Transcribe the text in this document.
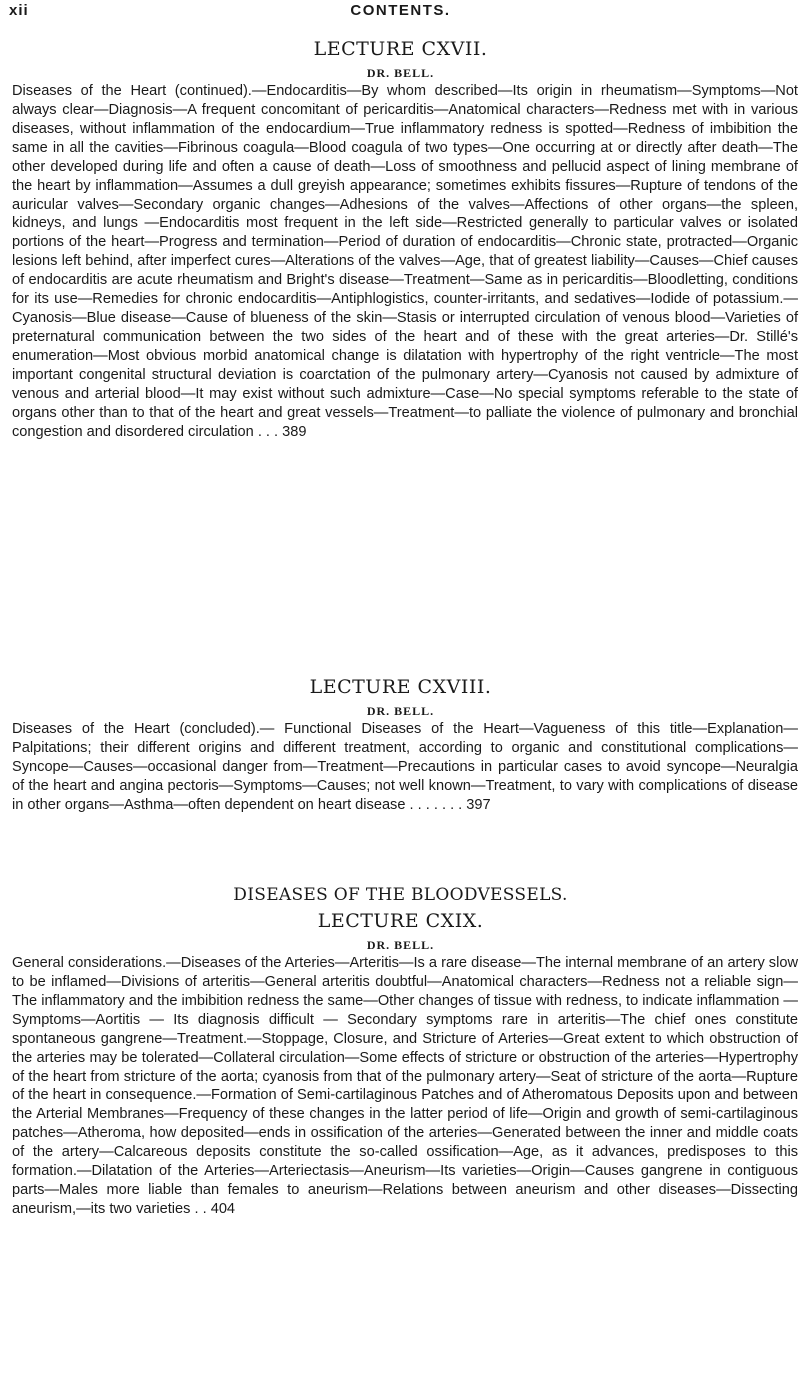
xii	CONTENTS.
LECTURE CXVII.
DR. BELL.

Diseases of the Heart (continued).—Endocarditis—By whom described—Its origin in rheumatism—Symptoms—Not always clear—Diagnosis—A frequent concomitant of pericarditis—Anatomical characters—Redness met with in various diseases, without inflammation of the endocardium—True inflammatory redness is spotted—Redness of imbibition the same in all the cavities—Fibrinous coagula—Blood coagula of two types—One occurring at or directly after death—The other developed during life and often a cause of death—Loss of smoothness and pellucid aspect of lining membrane of the heart by inflammation—Assumes a dull greyish appearance; sometimes exhibits fissures—Rupture of tendons of the auricular valves—Secondary organic changes—Adhesions of the valves—Affections of other organs—the spleen, kidneys, and lungs —Endocarditis most frequent in the left side—Restricted generally to particular valves or isolated portions of the heart—Progress and termination—Period of duration of endocarditis—Chronic state, protracted—Organic lesions left behind, after imperfect cures—Alterations of the valves—Age, that of greatest liability—Causes—Chief causes of endocarditis are acute rheumatism and Bright's disease—Treatment—Same as in pericarditis—Bloodletting, conditions for its use—Remedies for chronic endocarditis—Antiphlogistics, counter-irritants, and sedatives—Iodide of potassium.—Cyanosis—Blue disease—Cause of blueness of the skin—Stasis or interrupted circulation of venous blood—Varieties of preternatural communication between the two sides of the heart and of these with the great arteries—Dr. Stillé's enumeration—Most obvious morbid anatomical change is dilatation with hypertrophy of the right ventricle—The most important congenital structural deviation is coarctation of the pulmonary artery—Cyanosis not caused by admixture of venous and arterial blood—It may exist without such admixture—Case—No special symptoms referable to the state of organs other than to that of the heart and great vessels—Treatment—to palliate the violence of pulmonary and bronchial congestion and disordered circulation . . . 389

LECTURE CXVIII.
DR. BELL.

Diseases of the Heart (concluded).— Functional Diseases of the Heart—Vagueness of this title—Explanation—Palpitations; their different origins and different treatment, according to organic and constitutional complications—Syncope—Causes—occasional danger from—Treatment—Precautions in particular cases to avoid syncope—Neuralgia of the heart and angina pectoris—Symptoms—Causes; not well known—Treatment, to vary with complications of disease in other organs—Asthma—often dependent on heart disease . . . . . . . 397

DISEASES OF THE BLOODVESSELS.
LECTURE CXIX.
DR. BELL.

General considerations.—Diseases of the Arteries—Arteritis—Is a rare disease—The internal membrane of an artery slow to be inflamed—Divisions of arteritis—General arteritis doubtful—Anatomical characters—Redness not a reliable sign—The inflammatory and the imbibition redness the same—Other changes of tissue with redness, to indicate inflammation — Symptoms—Aortitis — Its diagnosis difficult — Secondary symptoms rare in arteritis—The chief ones constitute spontaneous gangrene—Treatment.—Stoppage, Closure, and Stricture of Arteries—Great extent to which obstruction of the arteries may be tolerated—Collateral circulation—Some effects of stricture or obstruction of the arteries—Hypertrophy of the heart from stricture of the aorta; cyanosis from that of the pulmonary artery—Seat of stricture of the aorta—Rupture of the heart in consequence.—Formation of Semi-cartilaginous Patches and of Atheromatous Deposits upon and between the Arterial Membranes—Frequency of these changes in the latter period of life—Origin and growth of semi-cartilaginous patches—Atheroma, how deposited—ends in ossification of the arteries—Generated between the inner and middle coats of the artery—Calcareous deposits constitute the so-called ossification—Age, as it advances, predisposes to this formation.—Dilatation of the Arteries—Arteriectasis—Aneurism—Its varieties—Origin—Causes gangrene in contiguous parts—Males more liable than females to aneurism—Relations between aneurism and other diseases—Dissecting aneurism,—its two varieties . . 404
